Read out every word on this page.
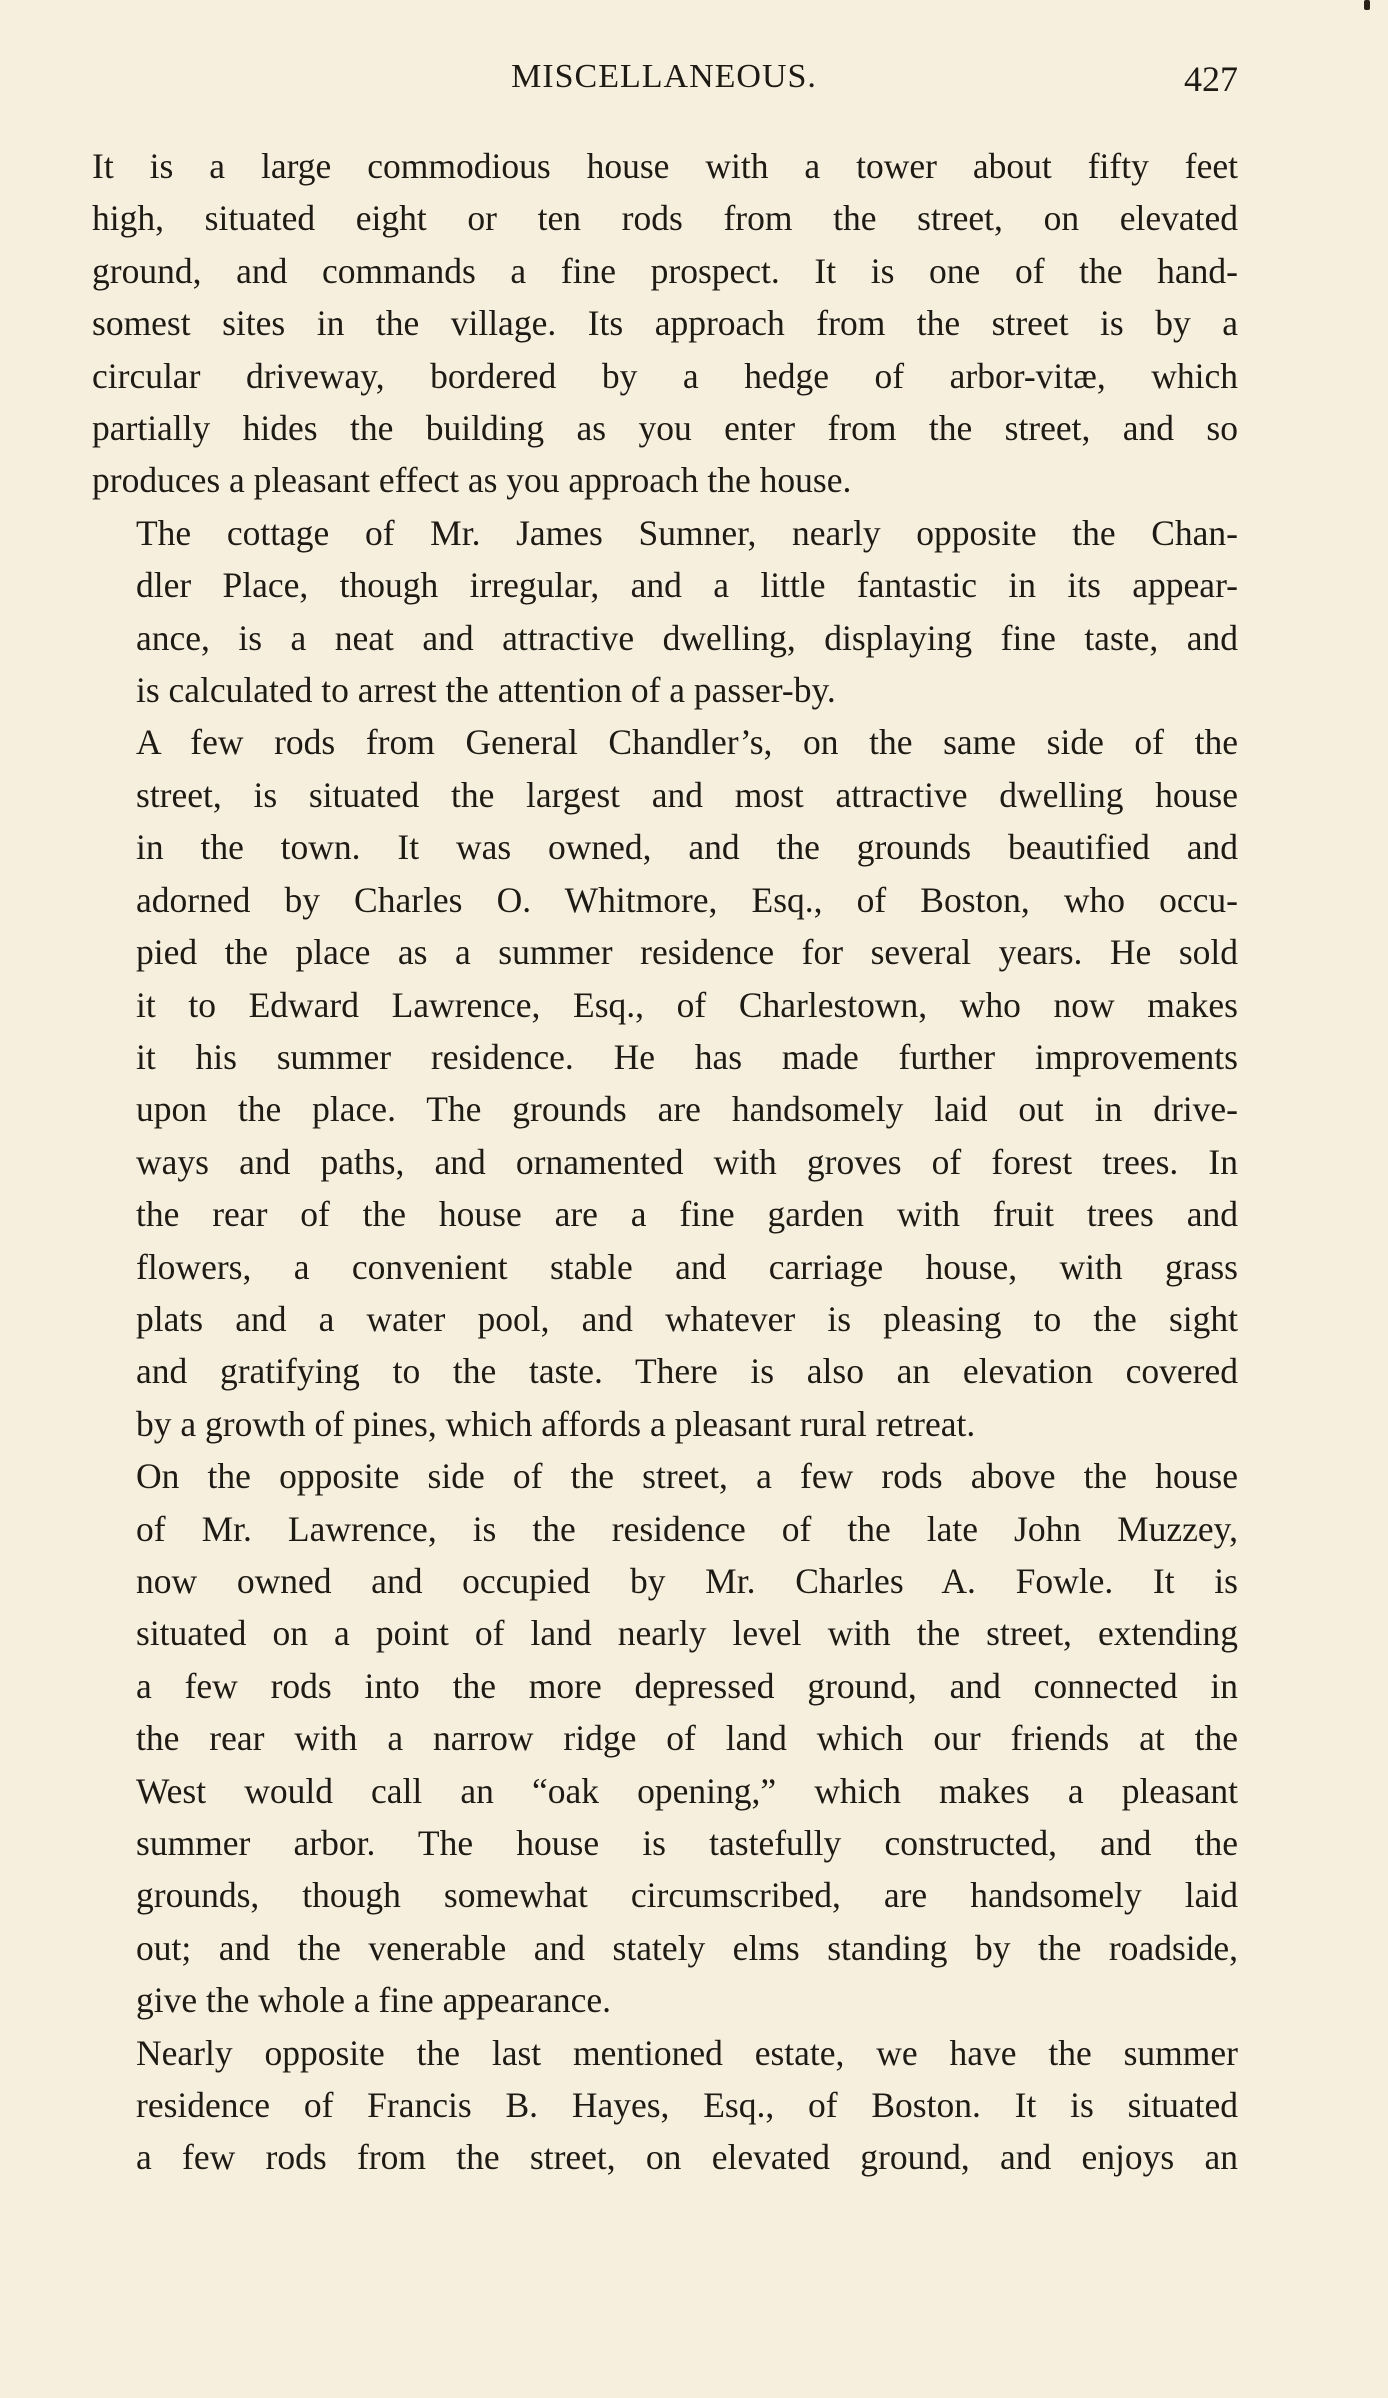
MISCELLANEOUS.	427

It is a large commodious house with a tower about fifty feet
high, situated eight or ten rods from the street, on elevated
ground, and commands a fine prospect. It is one of the hand-
somest sites in the village. Its approach from the street is by a
circular driveway, bordered by a hedge of arbor-vitæ, which
partially hides the building as you enter from the street, and so
produces a pleasant effect as you approach the house.

The cottage of Mr. James Sumner, nearly opposite the Chan-
dler Place, though irregular, and a little fantastic in its appear-
ance, is a neat and attractive dwelling, displaying fine taste, and
is calculated to arrest the attention of a passer-by.

A few rods from General Chandler’s, on the same side of the
street, is situated the largest and most attractive dwelling house
in the town. It was owned, and the grounds beautified and
adorned by Charles O. Whitmore, Esq., of Boston, who occu-
pied the place as a summer residence for several years. He sold
it to Edward Lawrence, Esq., of Charlestown, who now makes
it his summer residence. He has made further improvements
upon the place. The grounds are handsomely laid out in drive-
ways and paths, and ornamented with groves of forest trees. In
the rear of the house are a fine garden with fruit trees and
flowers, a convenient stable and carriage house, with grass
plats and a water pool, and whatever is pleasing to the sight
and gratifying to the taste. There is also an elevation covered
by a growth of pines, which affords a pleasant rural retreat.

On the opposite side of the street, a few rods above the house
of Mr. Lawrence, is the residence of the late John Muzzey,
now owned and occupied by Mr. Charles A. Fowle. It is
situated on a point of land nearly level with the street, extending
a few rods into the more depressed ground, and connected in
the rear with a narrow ridge of land which our friends at the
West would call an “oak opening,” which makes a pleasant
summer arbor. The house is tastefully constructed, and the
grounds, though somewhat circumscribed, are handsomely laid
out; and the venerable and stately elms standing by the roadside,
give the whole a fine appearance.

Nearly opposite the last mentioned estate, we have the summer
residence of Francis B. Hayes, Esq., of Boston. It is situated
a few rods from the street, on elevated ground, and enjoys an
